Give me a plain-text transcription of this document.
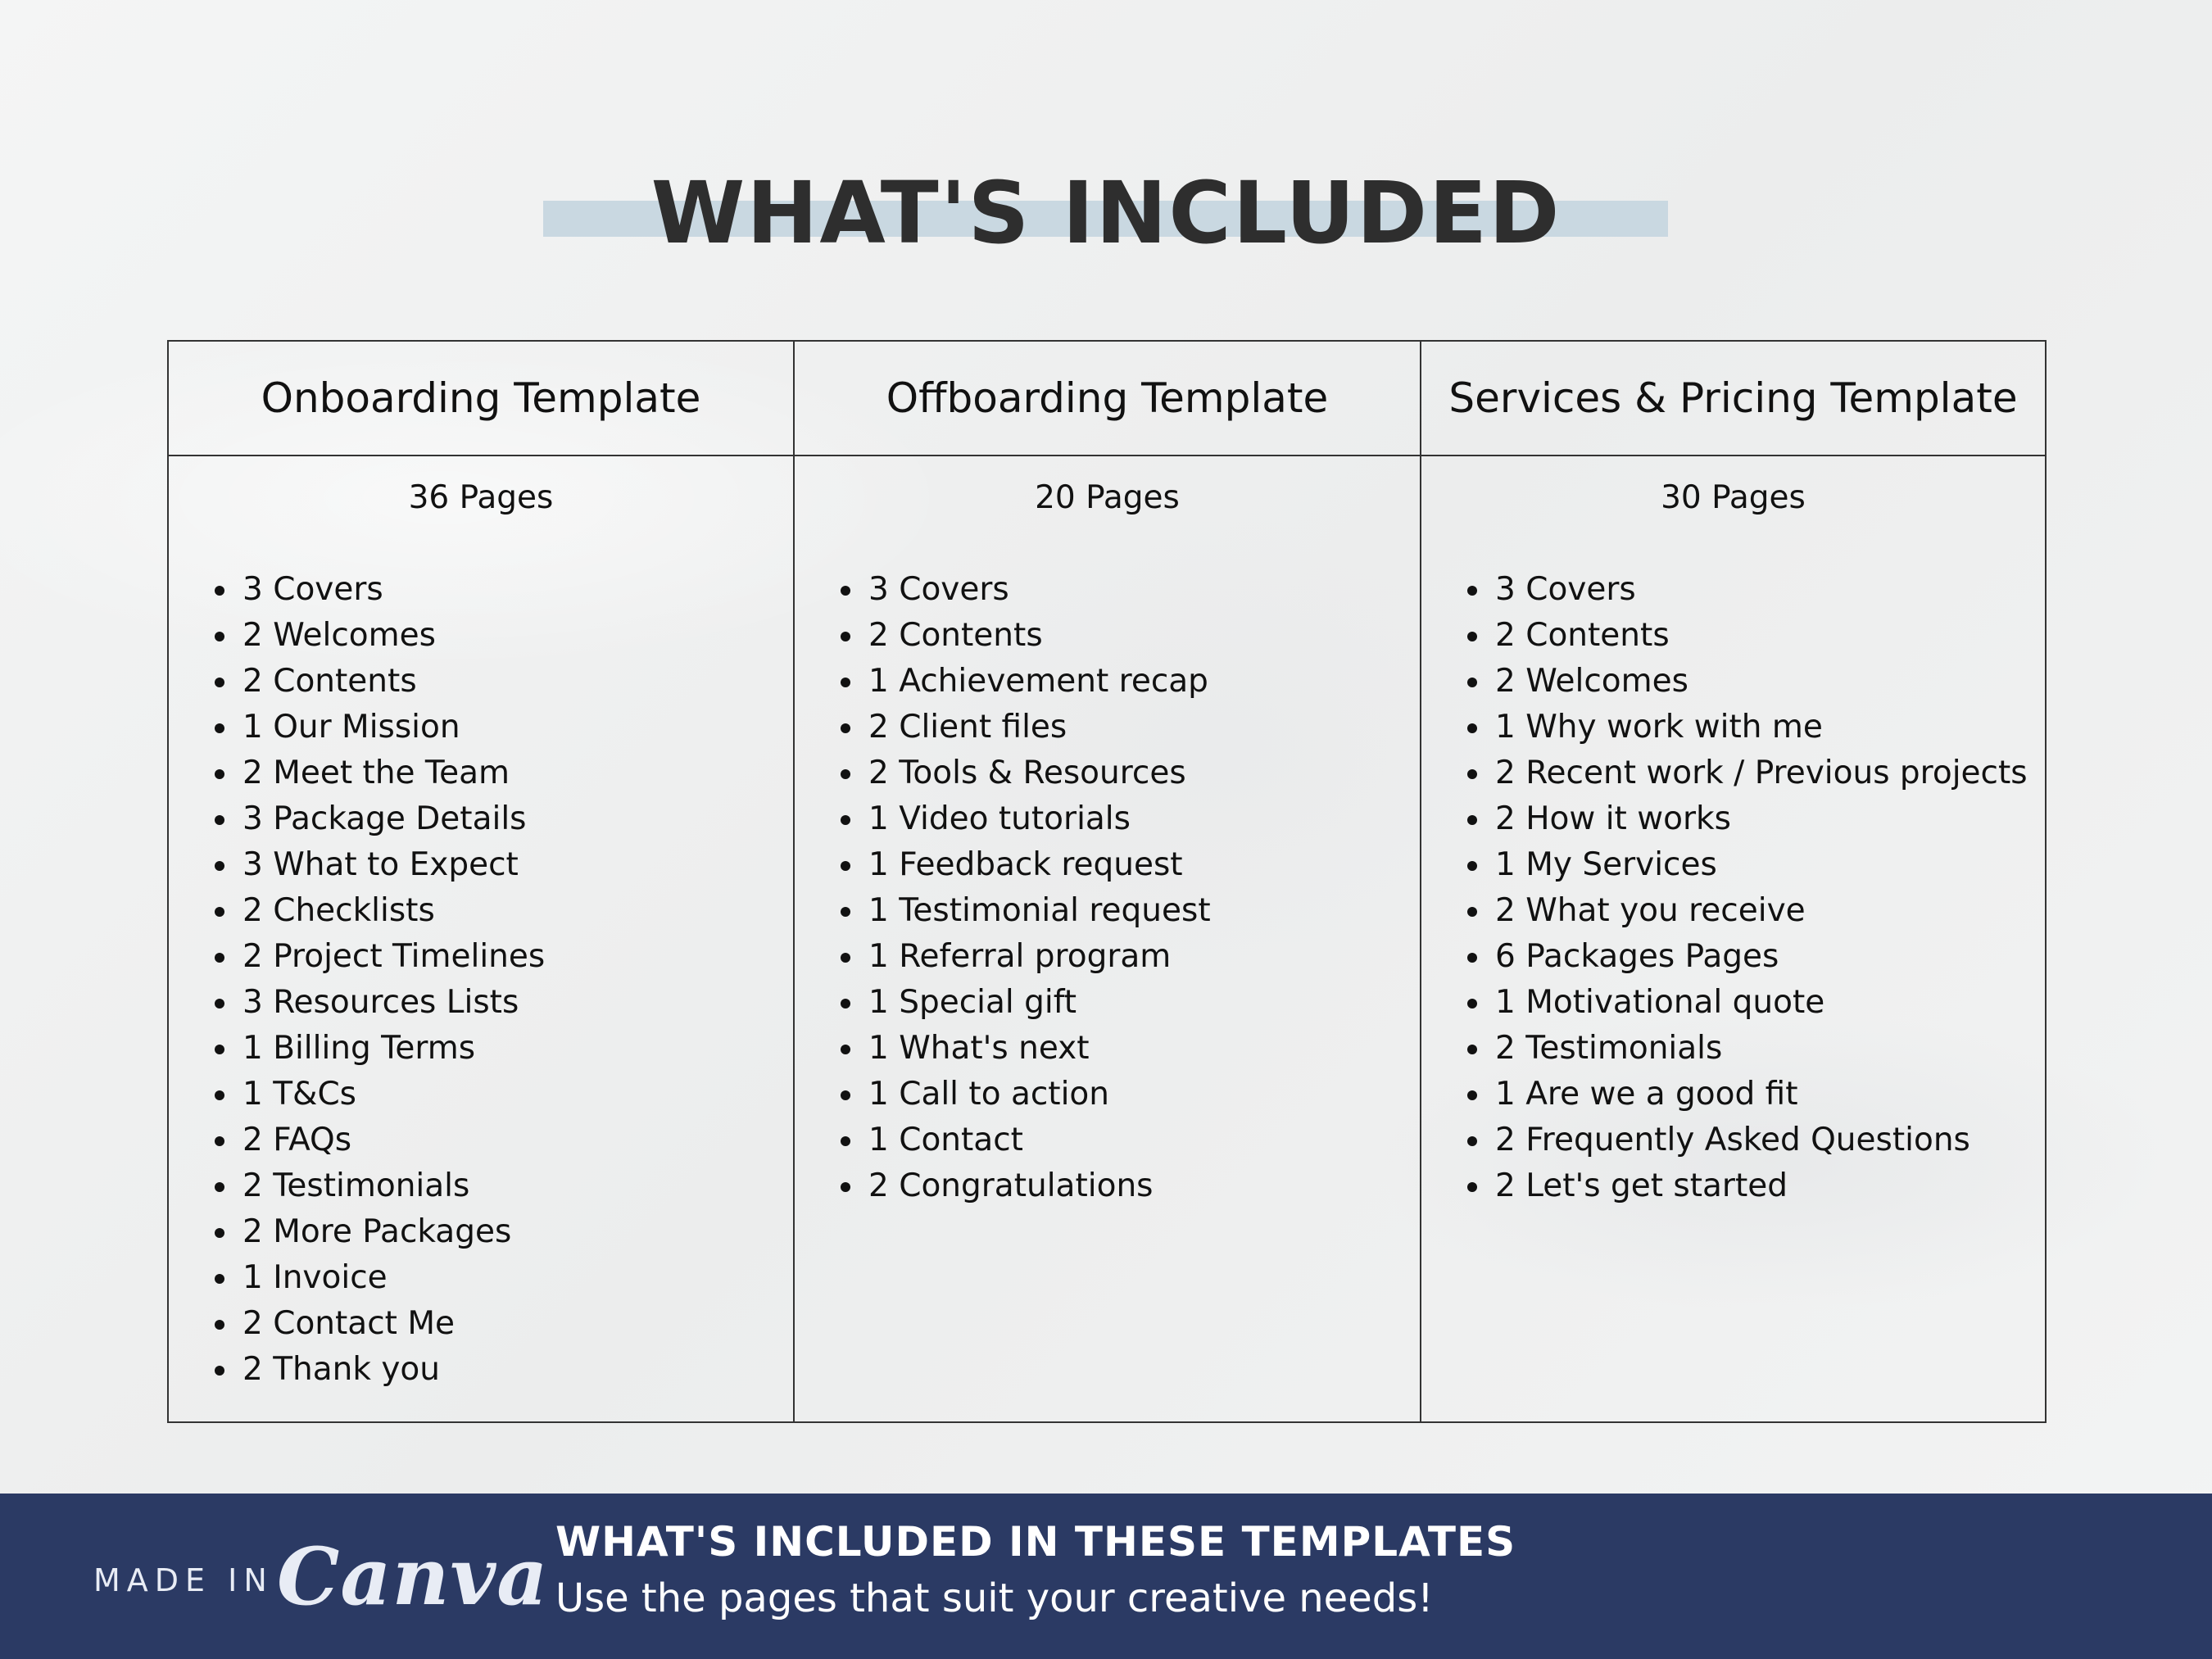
WHAT'S INCLUDED
Onboarding Template	Offboarding Template	Services & Pricing Template
36 Pages
3 Covers
2 Welcomes
2 Contents
1 Our Mission
2 Meet the Team
3 Package Details
3 What to Expect
2 Checklists
2 Project Timelines
3 Resources Lists
1 Billing Terms
1 T&Cs
2 FAQs
2 Testimonials
2 More Packages
1 Invoice
2 Contact Me
2 Thank you
20 Pages
3 Covers
2 Contents
1 Achievement recap
2 Client files
2 Tools & Resources
1 Video tutorials
1 Feedback request
1 Testimonial request
1 Referral program
1 Special gift
1 What's next
1 Call to action
1 Contact
2 Congratulations
30 Pages
3 Covers
2 Contents
2 Welcomes
1 Why work with me
2 Recent work / Previous projects
2 How it works
1 My Services
2 What you receive
6 Packages Pages
1 Motivational quote
2 Testimonials
1 Are we a good fit
2 Frequently Asked Questions
2 Let's get started
MADE IN Canva WHAT'S INCLUDED IN THESE TEMPLATES
Use the pages that suit your creative needs!
